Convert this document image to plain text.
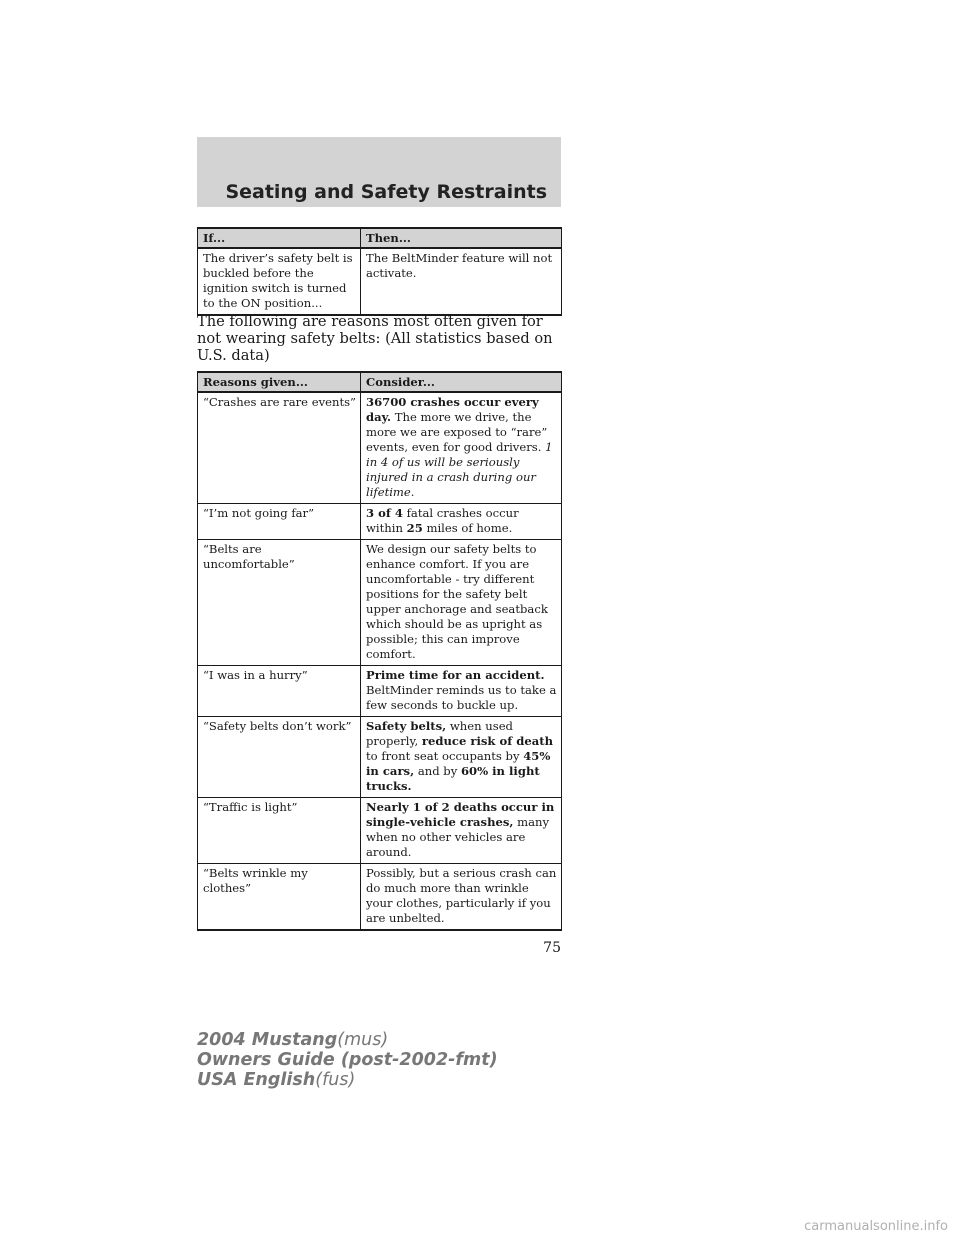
Seating and Safety Restraints
If...	Then...
The driver’s safety belt is buckled before the ignition switch is turned to the ON position...	The BeltMinder feature will not activate.
The following are reasons most often given for not wearing safety belts: (All statistics based on U.S. data)
Reasons given...	Consider...
“Crashes are rare events”	36700 crashes occur every day. The more we drive, the more we are exposed to “rare” events, even for good drivers. 1 in 4 of us will be seriously injured in a crash during our lifetime.
“I’m not going far”	3 of 4 fatal crashes occur within 25 miles of home.
“Belts are uncomfortable”	We design our safety belts to enhance comfort. If you are uncomfortable - try different positions for the safety belt upper anchorage and seatback which should be as upright as possible; this can improve comfort.
“I was in a hurry”	Prime time for an accident. BeltMinder reminds us to take a few seconds to buckle up.
“Safety belts don’t work”	Safety belts, when used properly, reduce risk of death to front seat occupants by 45% in cars, and by 60% in light trucks.
“Traffic is light”	Nearly 1 of 2 deaths occur in single-vehicle crashes, many when no other vehicles are around.
“Belts wrinkle my clothes”	Possibly, but a serious crash can do much more than wrinkle your clothes, particularly if you are unbelted.
75
2004 Mustang(mus)
Owners Guide (post-2002-fmt)
USA English(fus)
carmanualsonline.info
